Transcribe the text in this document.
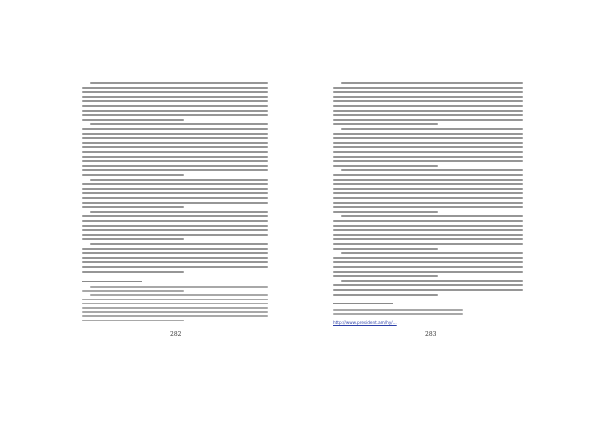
282
http://www.president.am/hy/...
283
